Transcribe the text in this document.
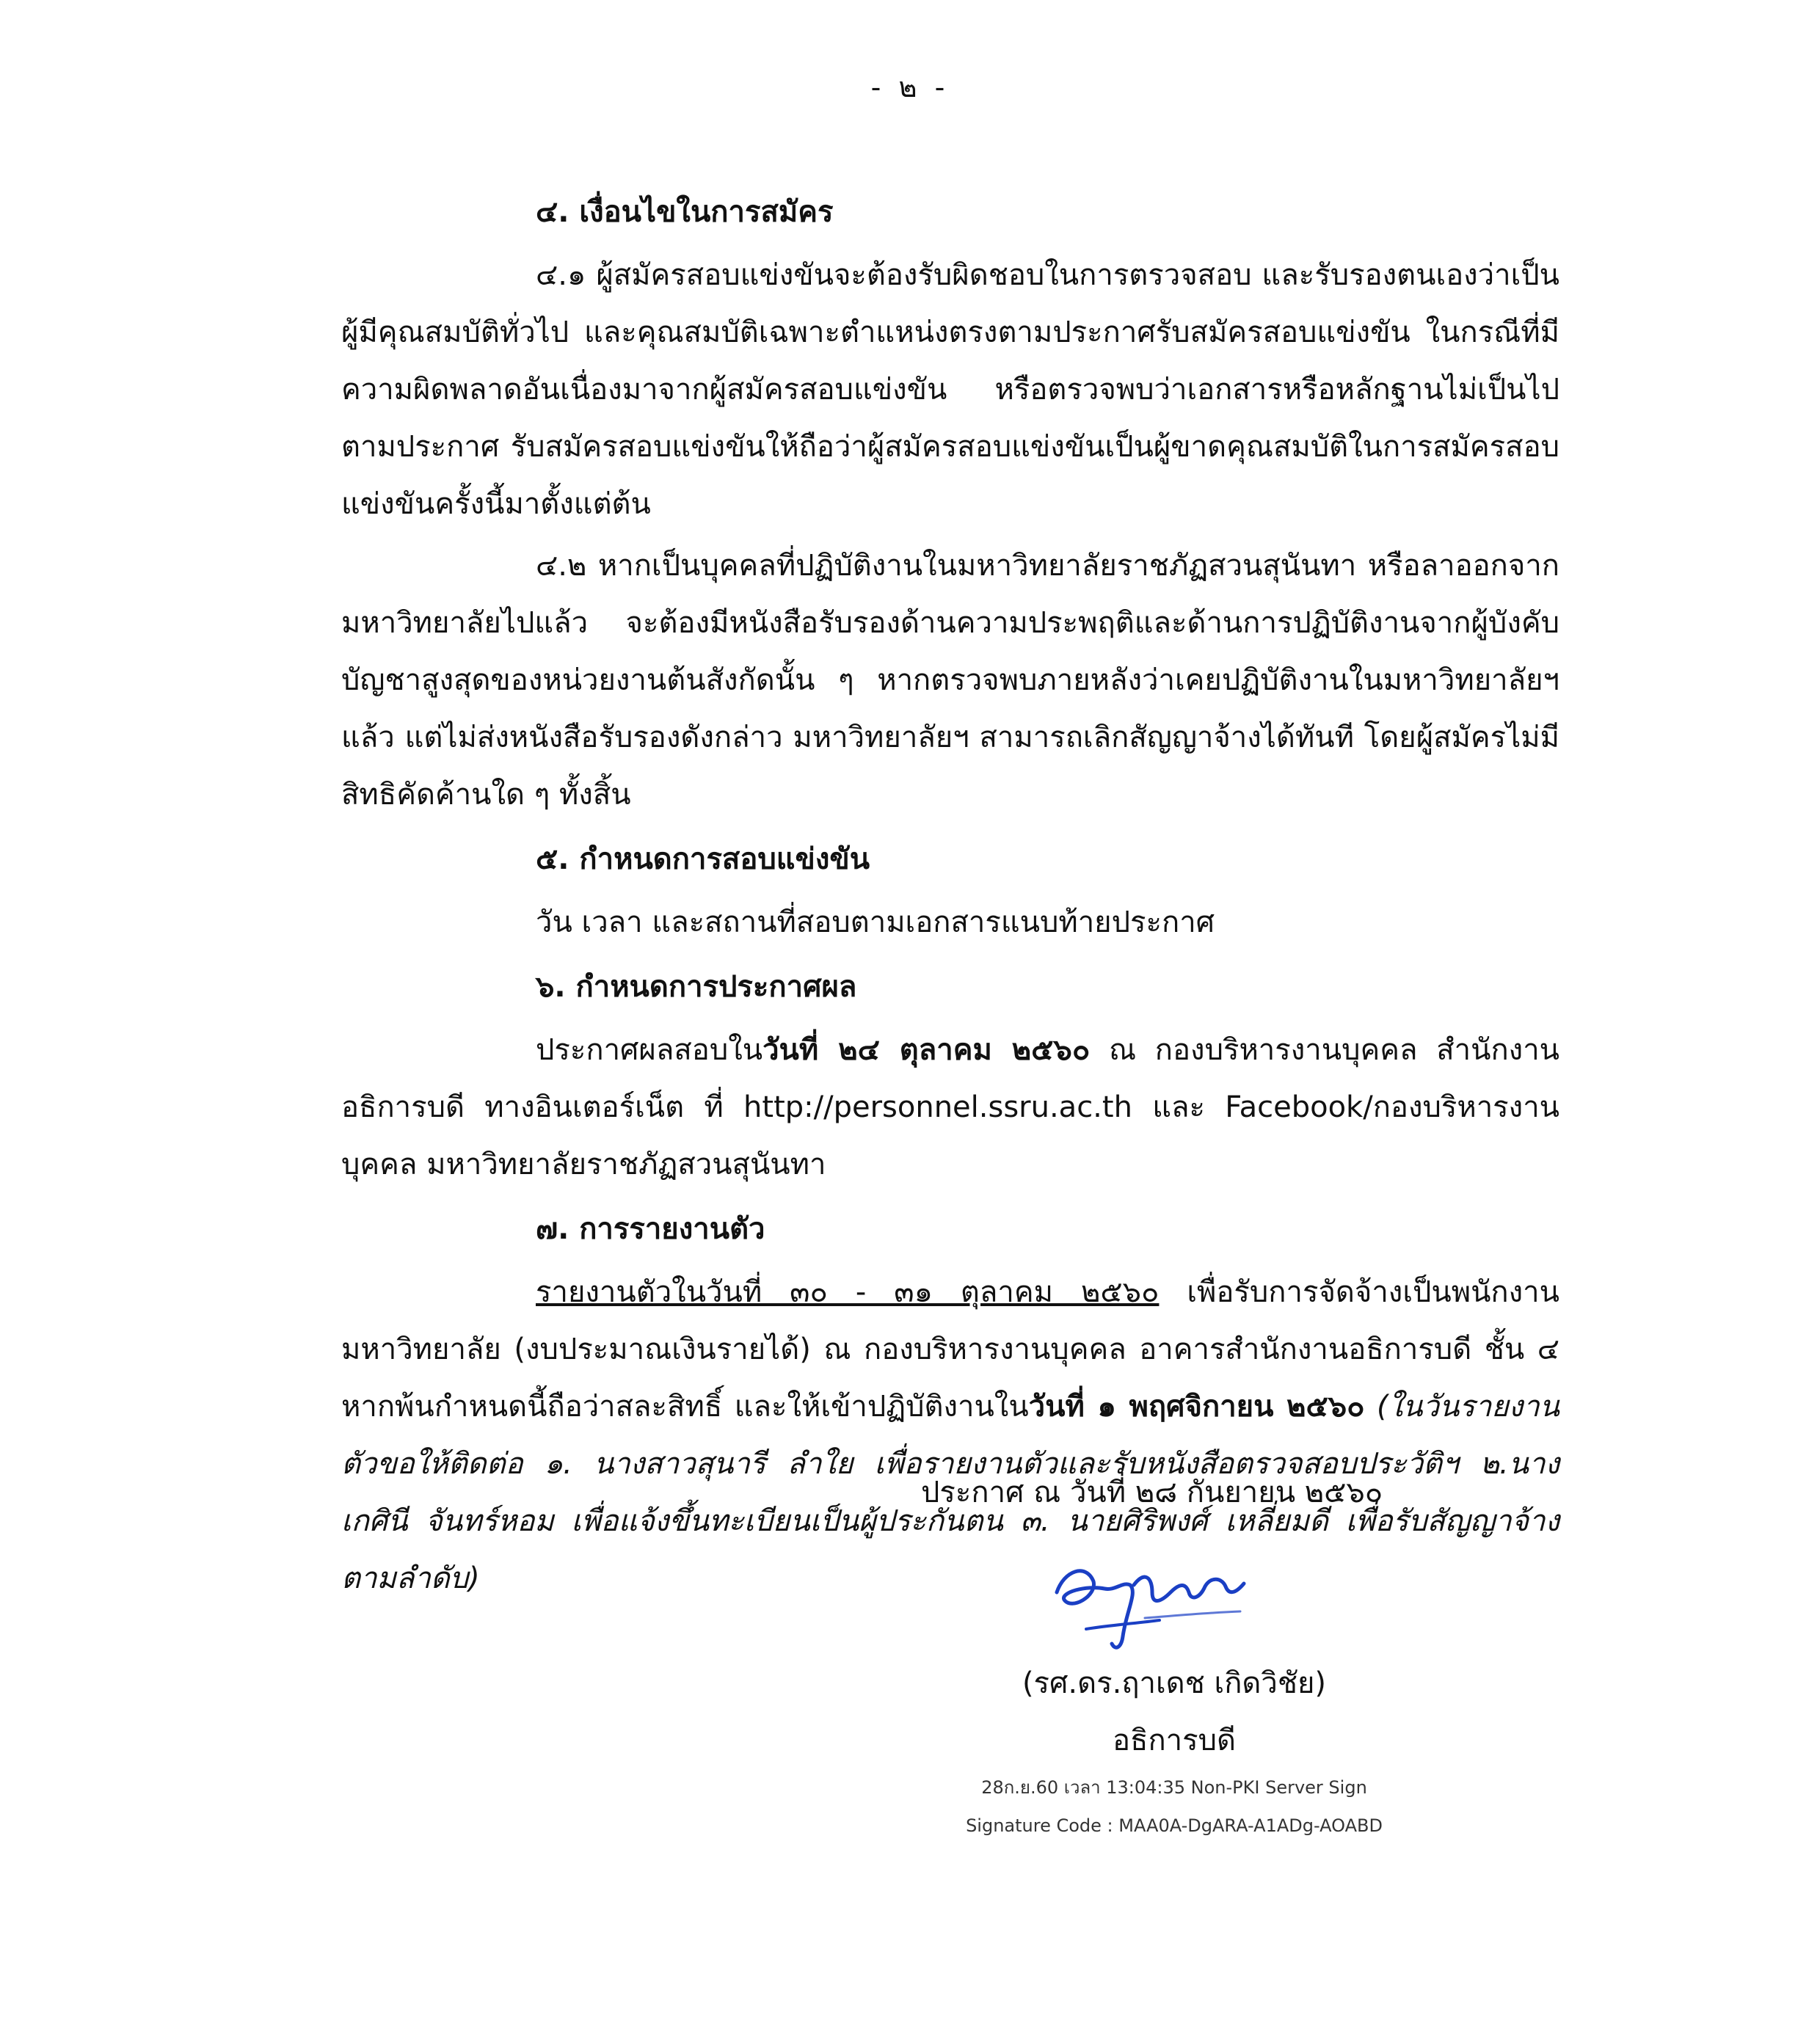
- ๒ -
๔. เงื่อนไขในการสมัคร

๔.๑ ผู้สมัครสอบแข่งขันจะต้องรับผิดชอบในการตรวจสอบ และรับรองตนเองว่าเป็นผู้มีคุณสมบัติทั่วไป และคุณสมบัติเฉพาะตำแหน่งตรงตามประกาศรับสมัครสอบแข่งขัน ในกรณีที่มีความผิดพลาดอันเนื่องมาจากผู้สมัครสอบแข่งขัน หรือตรวจพบว่าเอกสารหรือหลักฐานไม่เป็นไปตามประกาศ รับสมัครสอบแข่งขันให้ถือว่าผู้สมัครสอบแข่งขันเป็นผู้ขาดคุณสมบัติในการสมัครสอบแข่งขันครั้งนี้มาตั้งแต่ต้น

๔.๒ หากเป็นบุคคลที่ปฏิบัติงานในมหาวิทยาลัยราชภัฏสวนสุนันทา หรือลาออกจากมหาวิทยาลัยไปแล้ว จะต้องมีหนังสือรับรองด้านความประพฤติและด้านการปฏิบัติงานจากผู้บังคับบัญชาสูงสุดของหน่วยงานต้นสังกัดนั้น ๆ หากตรวจพบภายหลังว่าเคยปฏิบัติงานในมหาวิทยาลัยฯ แล้ว แต่ไม่ส่งหนังสือรับรองดังกล่าว มหาวิทยาลัยฯ สามารถเลิกสัญญาจ้างได้ทันที โดยผู้สมัครไม่มีสิทธิคัดค้านใด ๆ ทั้งสิ้น

๕. กำหนดการสอบแข่งขัน

วัน เวลา และสถานที่สอบตามเอกสารแนบท้ายประกาศ

๖. กำหนดการประกาศผล

ประกาศผลสอบในวันที่ ๒๔ ตุลาคม ๒๕๖๐ ณ กองบริหารงานบุคคล สำนักงานอธิการบดี ทางอินเตอร์เน็ต ที่ http://personnel.ssru.ac.th และ Facebook/กองบริหารงานบุคคล มหาวิทยาลัยราชภัฏสวนสุนันทา

๗. การรายงานตัว

รายงานตัวในวันที่ ๓๐ - ๓๑ ตุลาคม ๒๕๖๐ เพื่อรับการจัดจ้างเป็นพนักงานมหาวิทยาลัย (งบประมาณเงินรายได้) ณ กองบริหารงานบุคคล อาคารสำนักงานอธิการบดี ชั้น ๔ หากพ้นกำหนดนี้ถือว่าสละสิทธิ์ และให้เข้าปฏิบัติงานในวันที่ ๑ พฤศจิกายน ๒๕๖๐ (ในวันรายงานตัวขอให้ติดต่อ ๑. นางสาวสุนารี ลำใย เพื่อรายงานตัวและรับหนังสือตรวจสอบประวัติฯ ๒.นางเกศินี จันทร์หอม เพื่อแจ้งขึ้นทะเบียนเป็นผู้ประกันตน ๓. นายศิริพงศ์ เหลี่ยมดี เพื่อรับสัญญาจ้างตามลำดับ)

ประกาศ ณ วันที่ ๒๘ กันยายน ๒๕๖๐
(รศ.ดร.ฤาเดช เกิดวิชัย)
อธิการบดี
28ก.ย.60 เวลา 13:04:35 Non-PKI Server Sign
Signature Code : MAA0A-DgARA-A1ADg-AOABD
